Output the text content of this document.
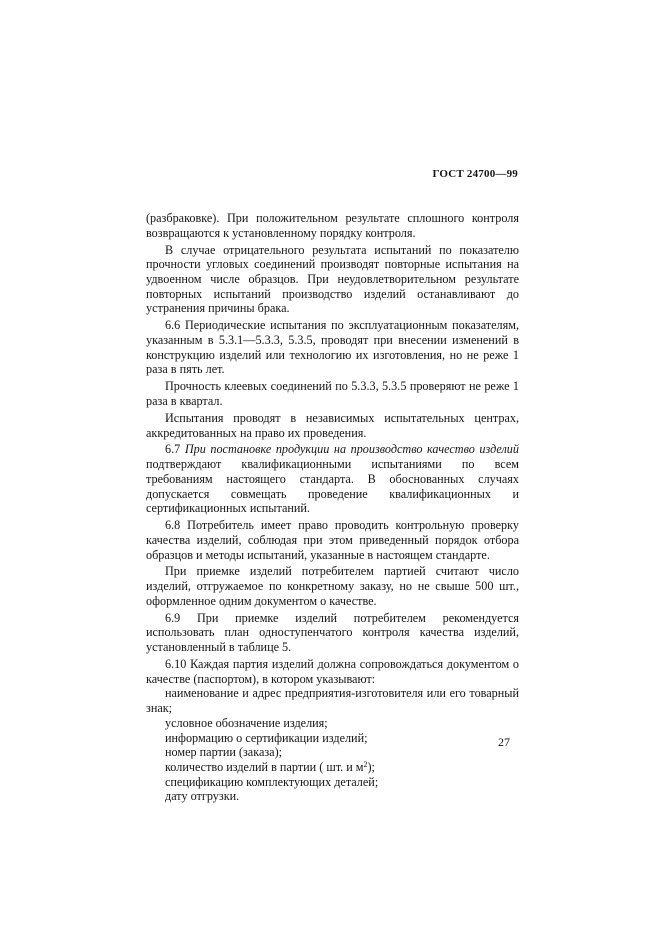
ГОСТ 24700—99

(разбраковке). При положительном результате сплошного контроля возвращаются к установленному порядку контроля.

В случае отрицательного результата испытаний по показателю прочности угловых соединений производят повторные испытания на удвоенном числе образцов. При неудовлетворительном результате повторных испытаний производство изделий останавливают до устранения причины брака.

6.6 Периодические испытания по эксплуатационным показателям, указанным в 5.3.1—5.3.3, 5.3.5, проводят при внесении изменений в конструкцию изделий или технологию их изготовления, но не реже 1 раза в пять лет.

Прочность клеевых соединений по 5.3.3, 5.3.5 проверяют не реже 1 раза в квартал.

Испытания проводят в независимых испытательных центрах, аккредитованных на право их проведения.

6.7 При постановке продукции на производство качество изделий подтверждают квалификационными испытаниями по всем требованиям настоящего стандарта. В обоснованных случаях допускается совмещать проведение квалификационных и сертификационных испытаний.

6.8 Потребитель имеет право проводить контрольную проверку качества изделий, соблюдая при этом приведенный порядок отбора образцов и методы испытаний, указанные в настоящем стандарте.

При приемке изделий потребителем партией считают число изделий, отгружаемое по конкретному заказу, но не свыше 500 шт., оформленное одним документом о качестве.

6.9 При приемке изделий потребителем рекомендуется использовать план одноступенчатого контроля качества изделий, установленный в таблице 5.

6.10 Каждая партия изделий должна сопровождаться документом о качестве (паспортом), в котором указывают:

наименование и адрес предприятия-изготовителя или его товарный знак;

условное обозначение изделия;

информацию о сертификации изделий;

номер партии (заказа);

количество изделий в партии ( шт. и $м^2$);

спецификацию комплектующих деталей;

дату отгрузки.

27
